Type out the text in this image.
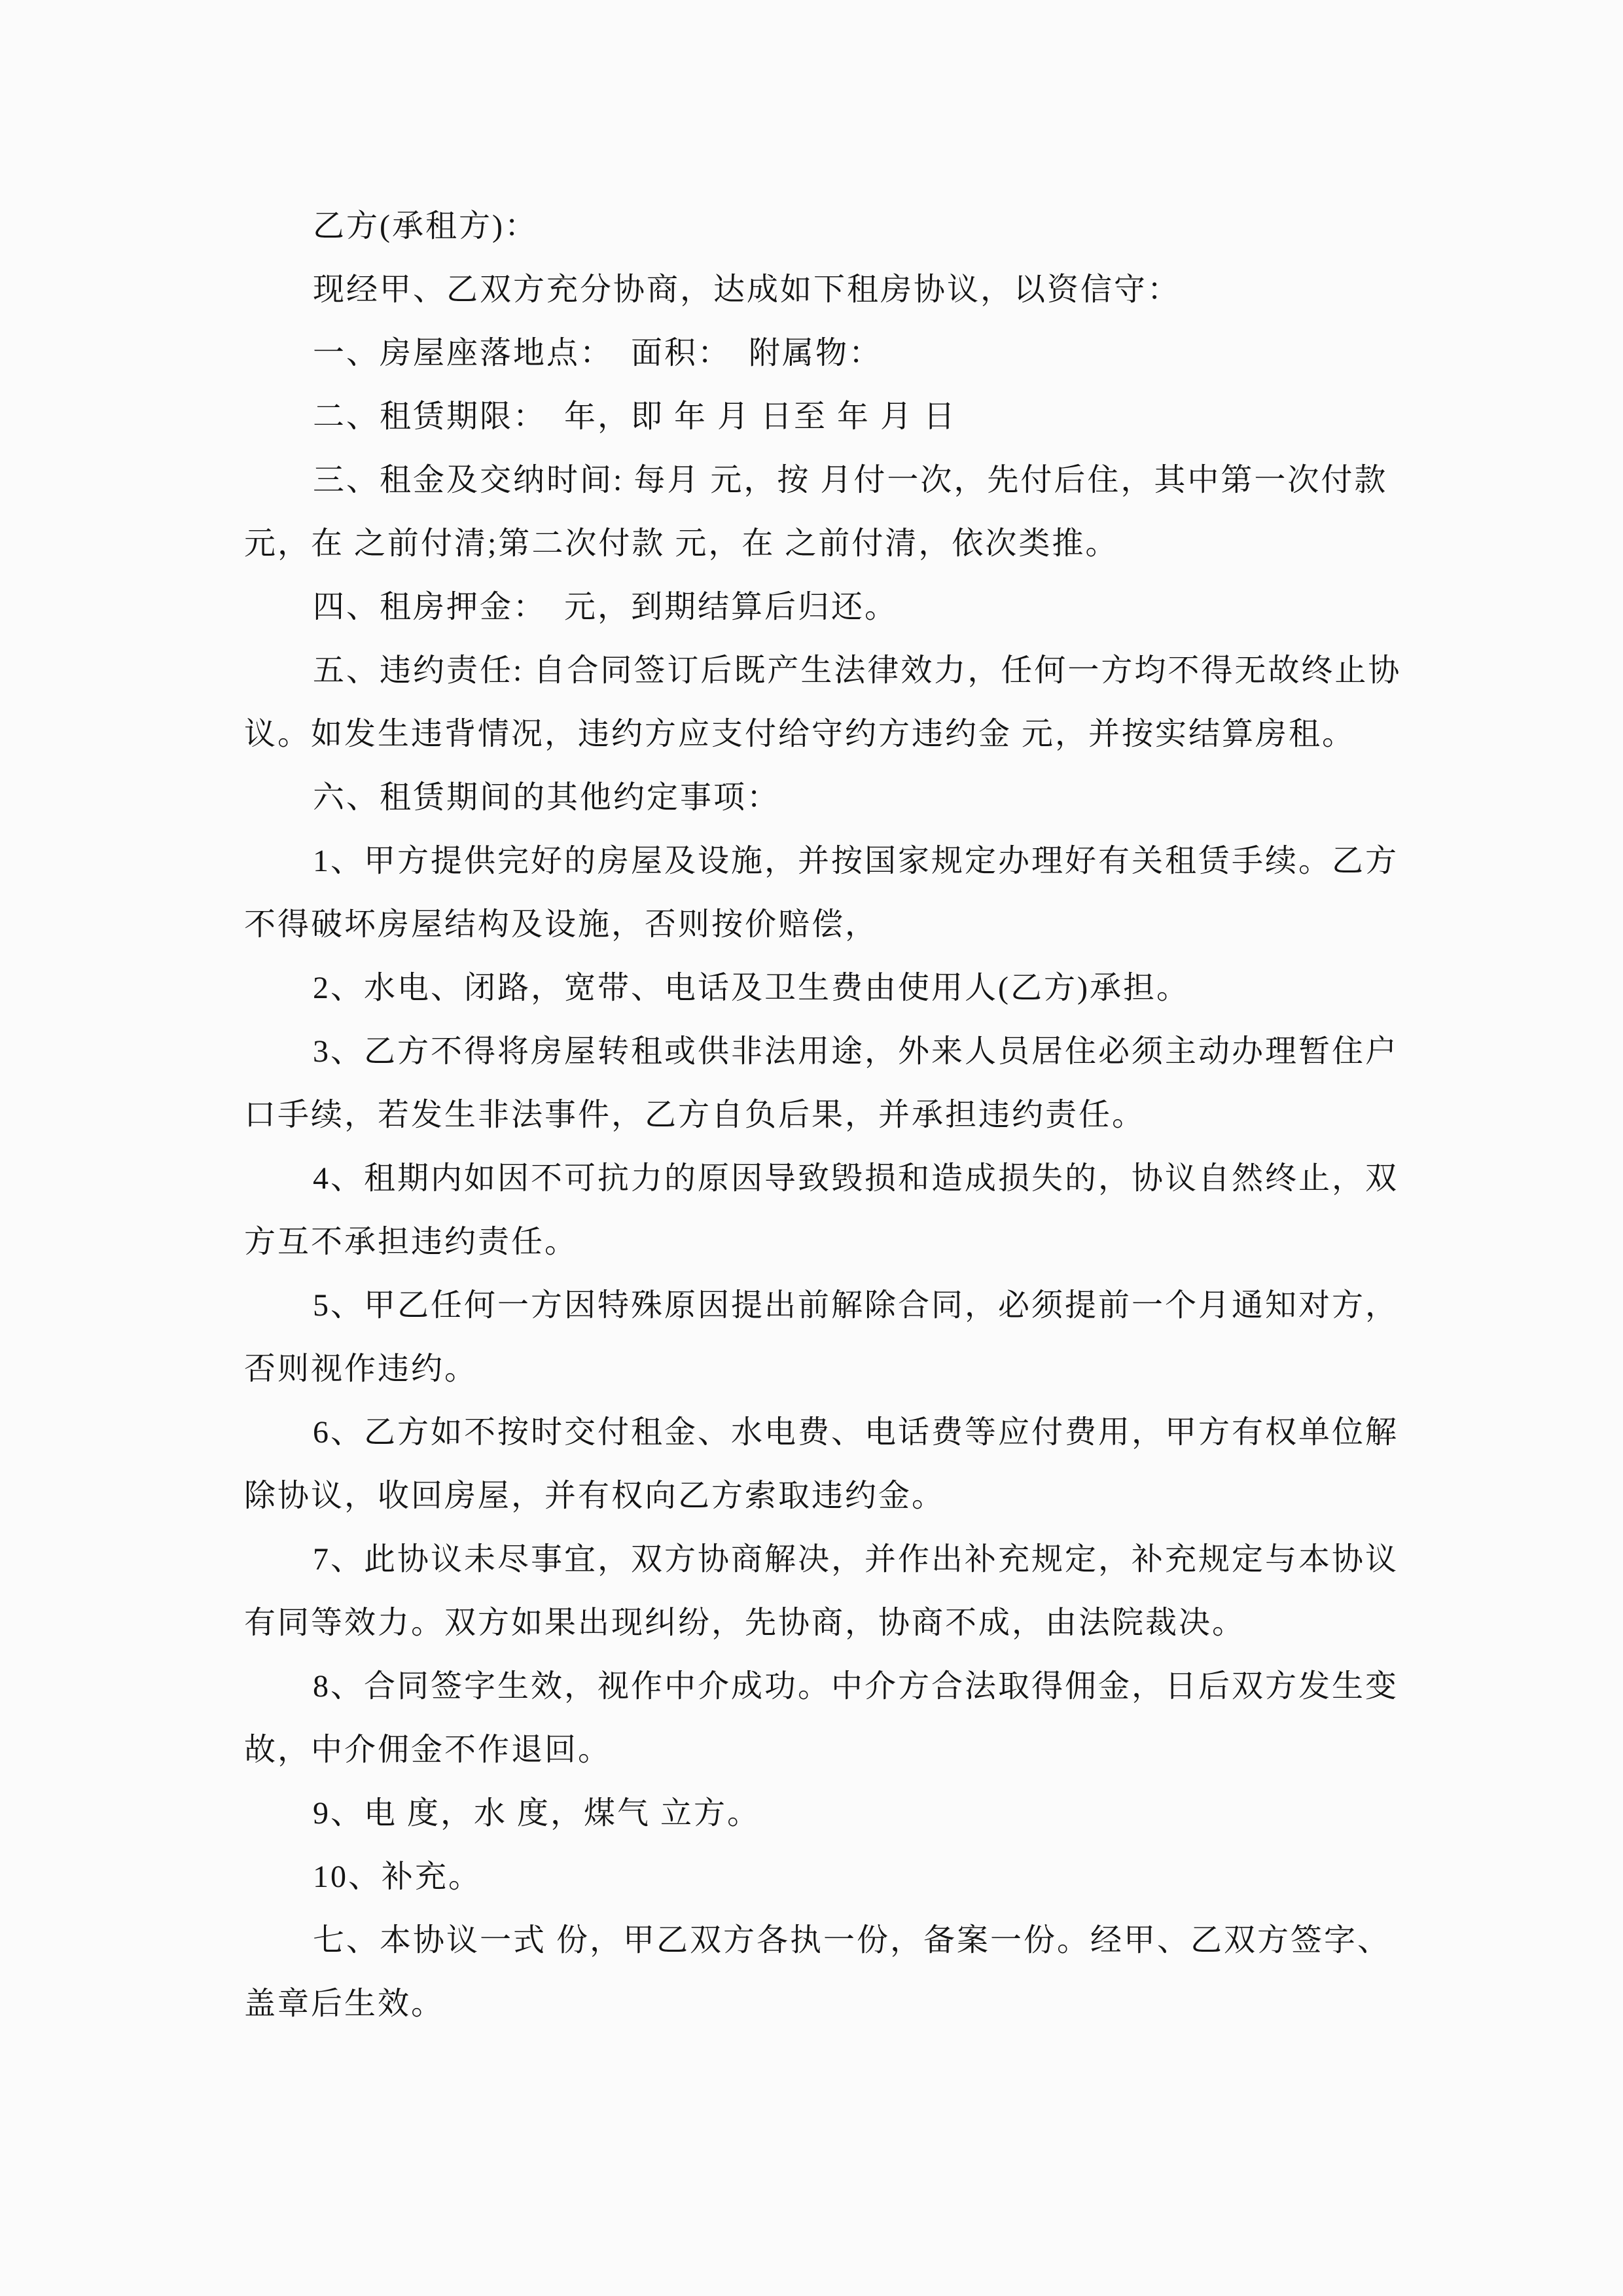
乙方(承租方)：
现经甲、乙双方充分协商，达成如下租房协议，以资信守：
一、房屋座落地点：　面积：　附属物：
二、租赁期限：　年，即 年 月 日至 年 月 日
三、租金及交纳时间: 每月 元，按 月付一次，先付后住，其中第一次付款
元，在 之前付清;第二次付款 元，在 之前付清，依次类推。
四、租房押金：　元，到期结算后归还。
五、违约责任: 自合同签订后既产生法律效力，任何一方均不得无故终止协
议。如发生违背情况，违约方应支付给守约方违约金 元，并按实结算房租。
六、租赁期间的其他约定事项：
1、甲方提供完好的房屋及设施，并按国家规定办理好有关租赁手续。乙方
不得破坏房屋结构及设施，否则按价赔偿，
2、水电、闭路，宽带、电话及卫生费由使用人(乙方)承担。
3、乙方不得将房屋转租或供非法用途，外来人员居住必须主动办理暂住户
口手续，若发生非法事件，乙方自负后果，并承担违约责任。
4、租期内如因不可抗力的原因导致毁损和造成损失的，协议自然终止，双
方互不承担违约责任。
5、甲乙任何一方因特殊原因提出前解除合同，必须提前一个月通知对方，
否则视作违约。
6、乙方如不按时交付租金、水电费、电话费等应付费用，甲方有权单位解
除协议，收回房屋，并有权向乙方索取违约金。
7、此协议未尽事宜，双方协商解决，并作出补充规定，补充规定与本协议
有同等效力。双方如果出现纠纷，先协商，协商不成，由法院裁决。
8、合同签字生效，视作中介成功。中介方合法取得佣金，日后双方发生变
故，中介佣金不作退回。
9、电 度，水 度，煤气 立方。
10、补充。
七、本协议一式 份，甲乙双方各执一份，备案一份。经甲、乙双方签字、
盖章后生效。
